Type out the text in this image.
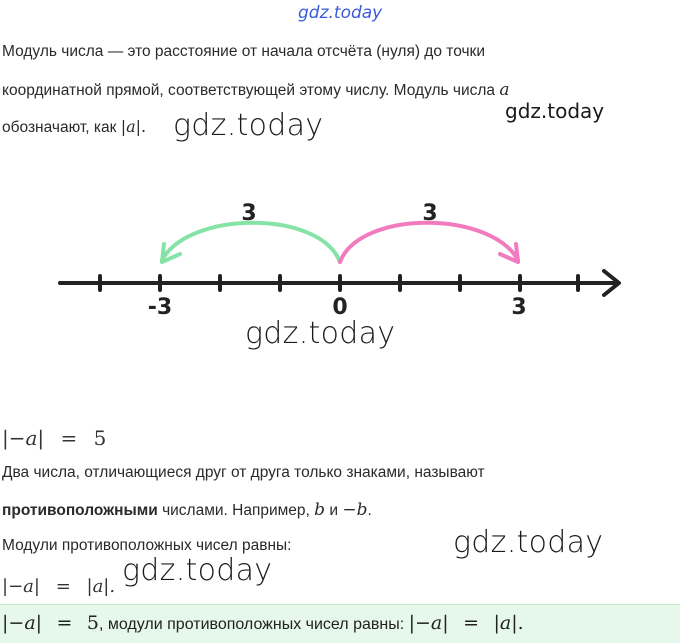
gdz.today
Модуль числа — это расстояние от начала отсчёта (нуля) до точки
координатной прямой, соответствующей этому числу. Модуль числа a
обозначают, как |a|. gdz.today	gdz.today
3	3
-3	0	3
gdz.today
|−a| = 5
Два числа, отличающиеся друг от друга только знаками, называют
противоположными числами. Например, b и −b.
Модули противоположных чисел равны:	gdz.today
|−a| = |a|. gdz.today
|−a| = 5, модули противоположных чисел равны: |−a| = |a|.
